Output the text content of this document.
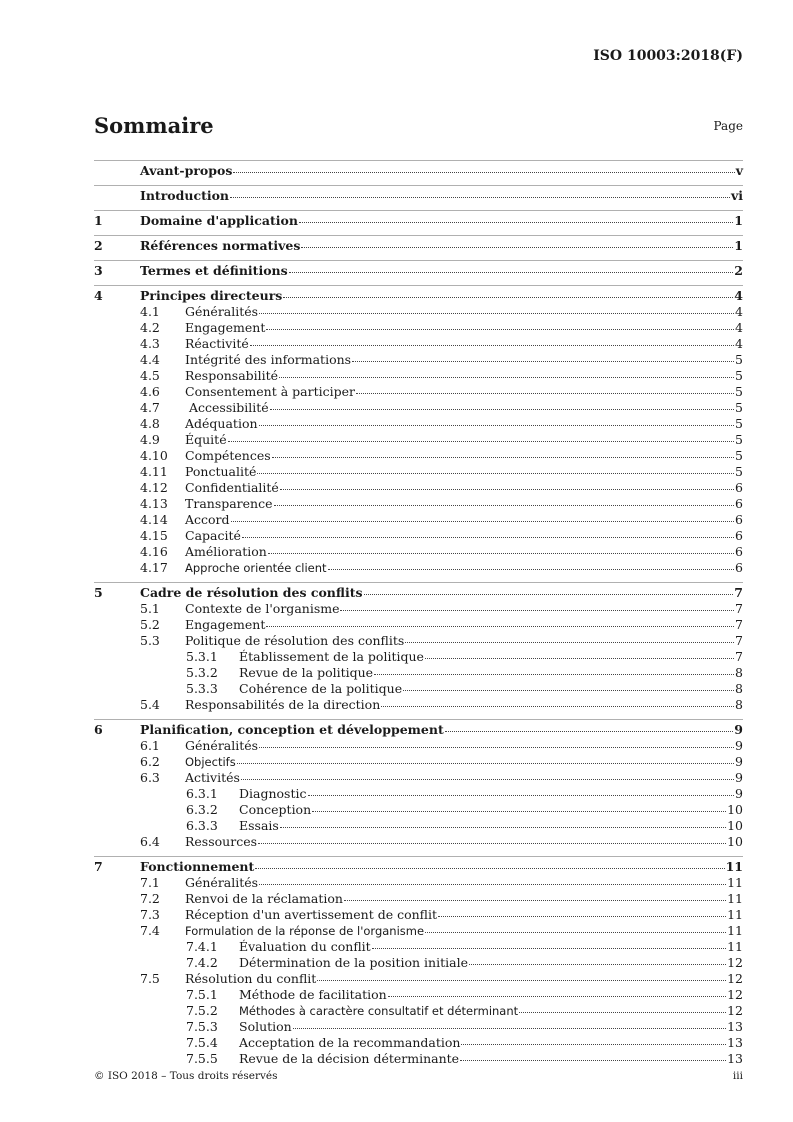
ISO 10003:2018(F)
Sommaire	Page
Avant-propos	v
Introduction	vi
1	Domaine d'application	1
2	Références normatives	1
3	Termes et définitions	2
4	Principes directeurs	4
4.1	Généralités	4
4.2	Engagement	4
4.3	Réactivité	4
4.4	Intégrité des informations	5
4.5	Responsabilité	5
4.6	Consentement à participer	5
4.7	Accessibilité	5
4.8	Adéquation	5
4.9	Équité	5
4.10	Compétences	5
4.11	Ponctualité	5
4.12	Confidentialité	6
4.13	Transparence	6
4.14	Accord	6
4.15	Capacité	6
4.16	Amélioration	6
4.17	Approche orientée client	6
5	Cadre de résolution des conflits	7
5.1	Contexte de l'organisme	7
5.2	Engagement	7
5.3	Politique de résolution des conflits	7
5.3.1	Établissement de la politique	7
5.3.2	Revue de la politique	8
5.3.3	Cohérence de la politique	8
5.4	Responsabilités de la direction	8
6	Planification, conception et développement	9
6.1	Généralités	9
6.2	Objectifs	9
6.3	Activités	9
6.3.1	Diagnostic	9
6.3.2	Conception	10
6.3.3	Essais	10
6.4	Ressources	10
7	Fonctionnement	11
7.1	Généralités	11
7.2	Renvoi de la réclamation	11
7.3	Réception d'un avertissement de conflit	11
7.4	Formulation de la réponse de l'organisme	11
7.4.1	Évaluation du conflit	11
7.4.2	Détermination de la position initiale	12
7.5	Résolution du conflit	12
7.5.1	Méthode de facilitation	12
7.5.2	Méthodes à caractère consultatif et déterminant	12
7.5.3	Solution	13
7.5.4	Acceptation de la recommandation	13
7.5.5	Revue de la décision déterminante	13
© ISO 2018 – Tous droits réservés	iii
